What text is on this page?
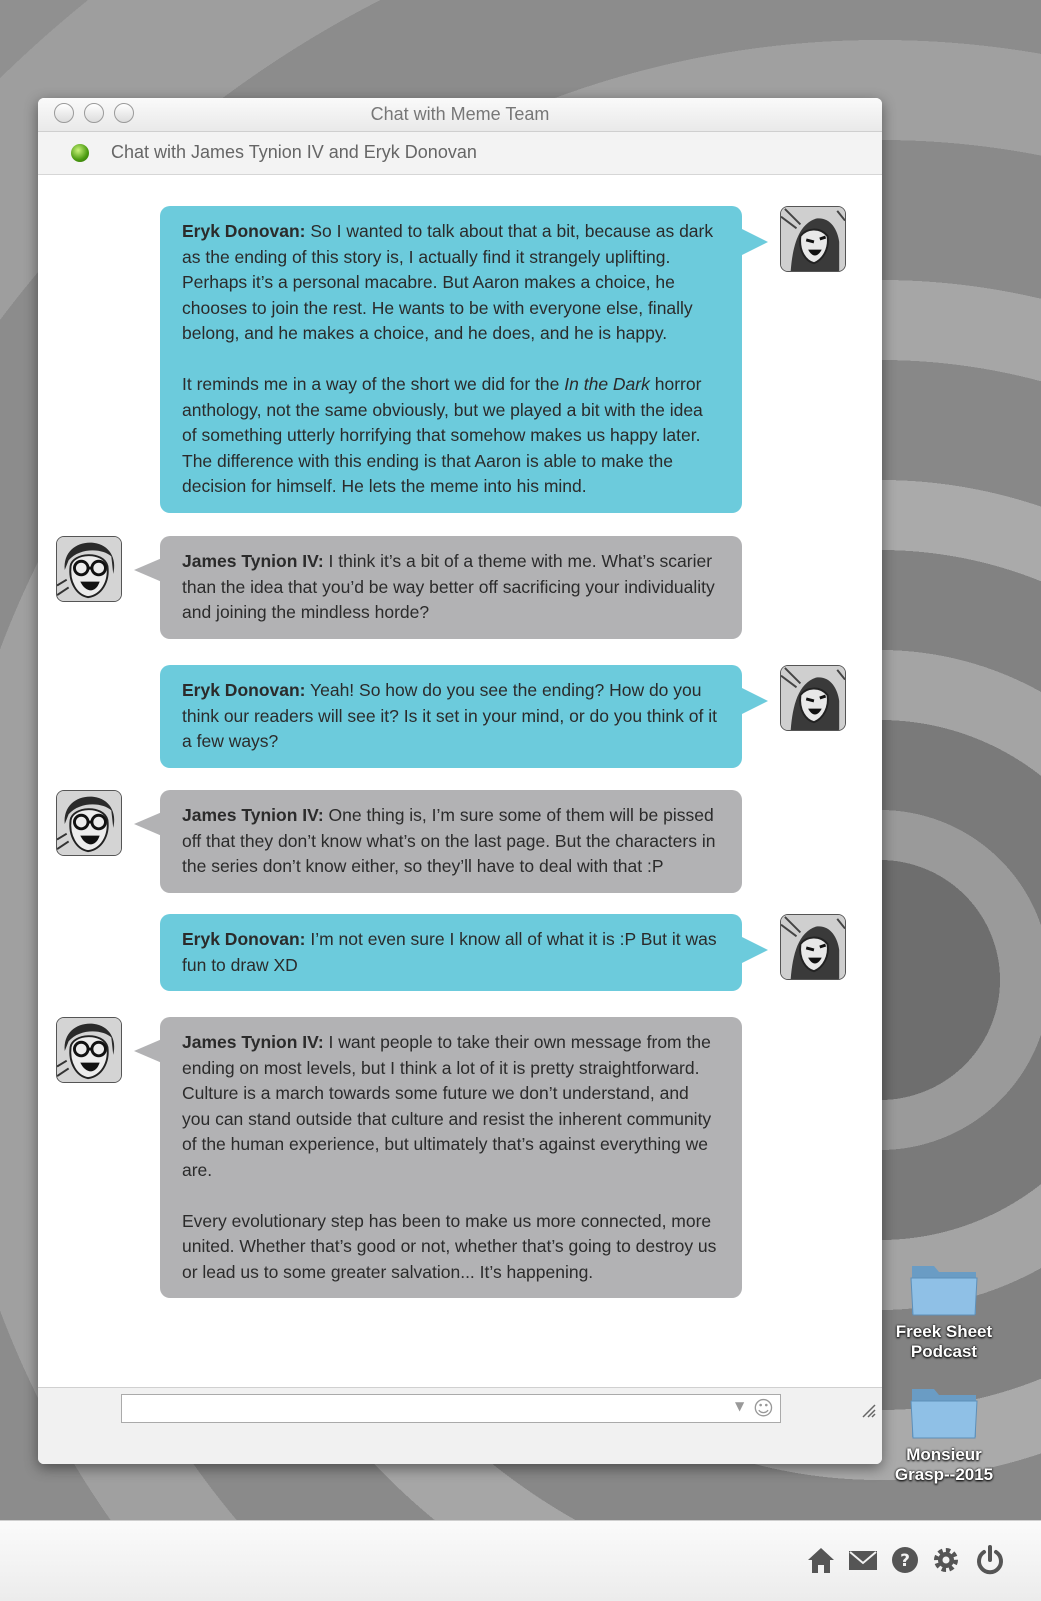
Chat with Meme Team
Chat with James Tynion IV and Eryk Donovan

Eryk Donovan: So I wanted to talk about that a bit, because as dark as the ending of this story is, I actually find it strangely uplifting. Perhaps it’s a personal macabre. But Aaron makes a choice, he chooses to join the rest. He wants to be with everyone else, finally belong, and he makes a choice, and he does, and he is happy.

It reminds me in a way of the short we did for the In the Dark horror anthology, not the same obviously, but we played a bit with the idea of something utterly horrifying that somehow makes us happy later. The difference with this ending is that Aaron is able to make the decision for himself. He lets the meme into his mind.

James Tynion IV: I think it’s a bit of a theme with me. What’s scarier than the idea that you’d be way better off sacrificing your individuality and joining the mindless horde?

Eryk Donovan: Yeah! So how do you see the ending? How do you think our readers will see it? Is it set in your mind, or do you think of it a few ways?

James Tynion IV: One thing is, I’m sure some of them will be pissed off that they don’t know what’s on the last page. But the characters in the series don’t know either, so they’ll have to deal with that :P

Eryk Donovan: I’m not even sure I know all of what it is :P But it was fun to draw XD

James Tynion IV: I want people to take their own message from the ending on most levels, but I think a lot of it is pretty straightforward. Culture is a march towards some future we don’t understand, and you can stand outside that culture and resist the inherent community of the human experience, but ultimately that’s against everything we are.

Every evolutionary step has been to make us more connected, more united. Whether that’s good or not, whether that’s going to destroy us or lead us to some greater salvation... It’s happening.

▼ ☺
Freek Sheet
Podcast
Monsieur
Grasp--2015
?
